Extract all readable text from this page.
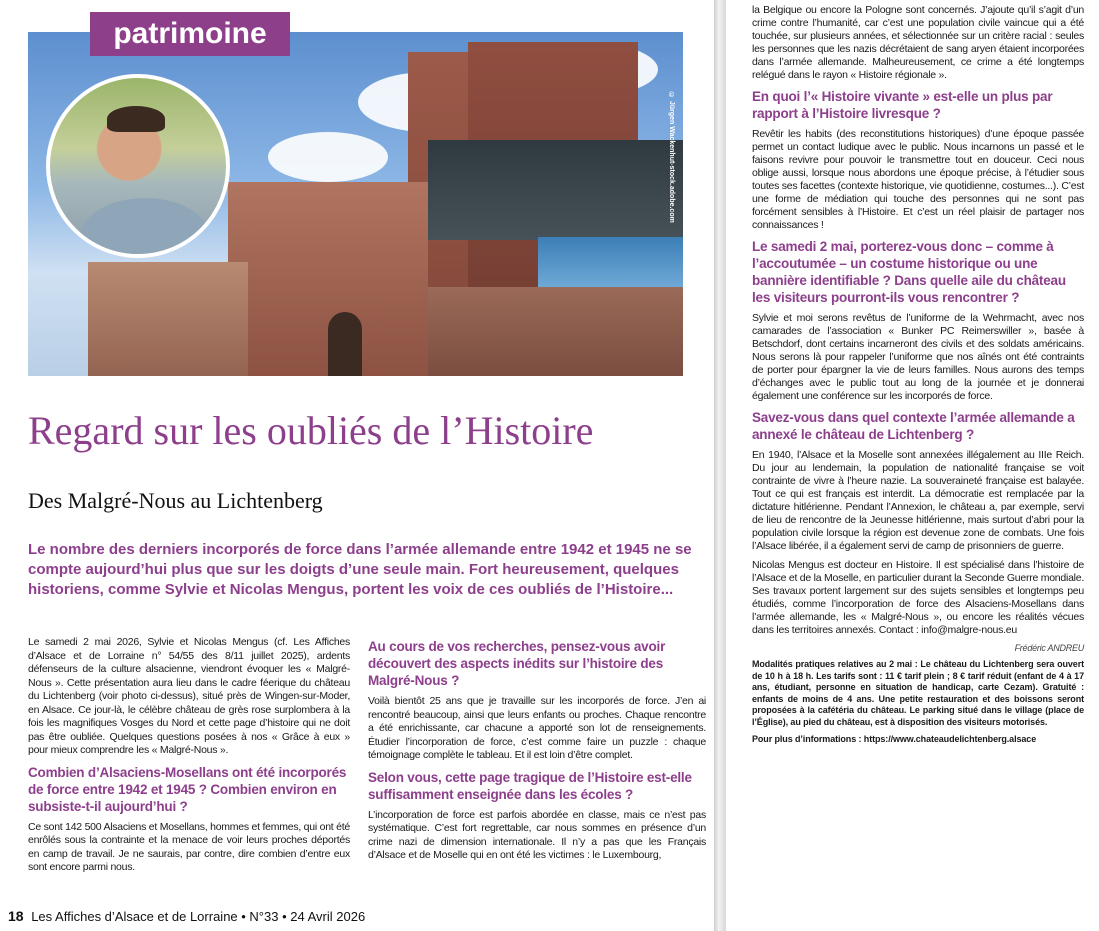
patrimoine
© Jürgen Wackenhut-stock.adobe.com
Regard sur les oubliés de l’Histoire
Des Malgré-Nous au Lichtenberg
Le nombre des derniers incorporés de force dans l’armée allemande entre 1942 et 1945 ne se compte aujourd’hui plus que sur les doigts d’une seule main. Fort heureusement, quelques historiens, comme Sylvie et Nicolas Mengus, portent les voix de ces oubliés de l’Histoire...

Le samedi 2 mai 2026, Sylvie et Nicolas Mengus (cf. Les Affiches d’Alsace et de Lorraine n° 54/55 des 8/11 juillet 2025), ardents défenseurs de la culture alsacienne, viendront évoquer les « Malgré-Nous ». Cette présentation aura lieu dans le cadre féerique du château du Lichtenberg (voir photo ci-dessus), situé près de Wingen-sur-Moder, en Alsace. Ce jour-là, le célèbre château de grès rose surplombera à la fois les magnifiques Vosges du Nord et cette page d’histoire qui ne doit pas être oubliée. Quelques questions posées à nos « Grâce à eux » pour mieux comprendre les « Malgré-Nous ».

Combien d’Alsaciens-Mosellans ont été incorporés de force entre 1942 et 1945 ? Combien environ en subsiste-t-il aujourd’hui ?

Ce sont 142 500 Alsaciens et Mosellans, hommes et femmes, qui ont été enrôlés sous la contrainte et la menace de voir leurs proches déportés en camp de travail. Je ne saurais, par contre, dire combien d’entre eux sont encore parmi nous.

Au cours de vos recherches, pensez-vous avoir découvert des aspects inédits sur l’histoire des Malgré-Nous ?

Voilà bientôt 25 ans que je travaille sur les incorporés de force. J’en ai rencontré beaucoup, ainsi que leurs enfants ou proches. Chaque rencontre a été enrichissante, car chacune a apporté son lot de renseignements. Étudier l’incorporation de force, c’est comme faire un puzzle : chaque témoignage complète le tableau. Et il est loin d’être complet.

Selon vous, cette page tragique de l’Histoire est-elle suffisamment enseignée dans les écoles ?

L’incorporation de force est parfois abordée en classe, mais ce n’est pas systématique. C’est fort regrettable, car nous sommes en présence d’un crime nazi de dimension internationale. Il n’y a pas que les Français d’Alsace et de Moselle qui en ont été les victimes : le Luxembourg,

18 Les Affiches d’Alsace et de Lorraine • N°33 • 24 Avril 2026

la Belgique ou encore la Pologne sont concernés. J’ajoute qu’il s’agit d’un crime contre l’humanité, car c’est une population civile vaincue qui a été touchée, sur plusieurs années, et sélectionnée sur un critère racial : seules les personnes que les nazis décrétaient de sang aryen étaient incorporées dans l’armée allemande. Malheureusement, ce crime a été longtemps relégué dans le rayon « Histoire régionale ».

En quoi l’« Histoire vivante » est-elle un plus par rapport à l’Histoire livresque ?

Revêtir les habits (des reconstitutions historiques) d’une époque passée permet un contact ludique avec le public. Nous incarnons un passé et le faisons revivre pour pouvoir le transmettre tout en douceur. Ceci nous oblige aussi, lorsque nous abordons une époque précise, à l’étudier sous toutes ses facettes (contexte historique, vie quotidienne, costumes...). C’est une forme de médiation qui touche des personnes qui ne sont pas forcément sensibles à l’Histoire. Et c’est un réel plaisir de partager nos connaissances !

Le samedi 2 mai, porterez-vous donc – comme à l’accoutumée – un costume historique ou une bannière identifiable ? Dans quelle aile du château les visiteurs pourront-ils vous rencontrer ?

Sylvie et moi serons revêtus de l’uniforme de la Wehrmacht, avec nos camarades de l’association « Bunker PC Reimerswiller », basée à Betschdorf, dont certains incarneront des civils et des soldats américains. Nous serons là pour rappeler l’uniforme que nos aînés ont été contraints de porter pour épargner la vie de leurs familles. Nous aurons des temps d’échanges avec le public tout au long de la journée et je donnerai également une conférence sur les incorporés de force.

Savez-vous dans quel contexte l’armée allemande a annexé le château de Lichtenberg ?

En 1940, l’Alsace et la Moselle sont annexées illégalement au IIIe Reich. Du jour au lendemain, la population de nationalité française se voit contrainte de vivre à l’heure nazie. La souveraineté française est balayée. Tout ce qui est français est interdit. La démocratie est remplacée par la dictature hitlérienne. Pendant l’Annexion, le château a, par exemple, servi de lieu de rencontre de la Jeunesse hitlérienne, mais surtout d’abri pour la population civile lorsque la région est devenue zone de combats. Une fois l’Alsace libérée, il a également servi de camp de prisonniers de guerre.

Nicolas Mengus est docteur en Histoire. Il est spécialisé dans l’histoire de l’Alsace et de la Moselle, en particulier durant la Seconde Guerre mondiale. Ses travaux portent largement sur des sujets sensibles et longtemps peu étudiés, comme l’incorporation de force des Alsaciens-Mosellans dans l’armée allemande, les « Malgré-Nous », ou encore les réalités vécues dans les territoires annexés. Contact : info@malgre-nous.eu

Frédéric ANDREU

Modalités pratiques relatives au 2 mai : Le château du Lichtenberg sera ouvert de 10 h à 18 h. Les tarifs sont : 11 € tarif plein ; 8 € tarif réduit (enfant de 4 à 17 ans, étudiant, personne en situation de handicap, carte Cezam). Gratuité : enfants de moins de 4 ans. Une petite restauration et des boissons seront proposées à la cafétéria du château. Le parking situé dans le village (place de l’Église), au pied du château, est à disposition des visiteurs motorisés.

Pour plus d’informations : https://www.chateaudelichtenberg.alsace
